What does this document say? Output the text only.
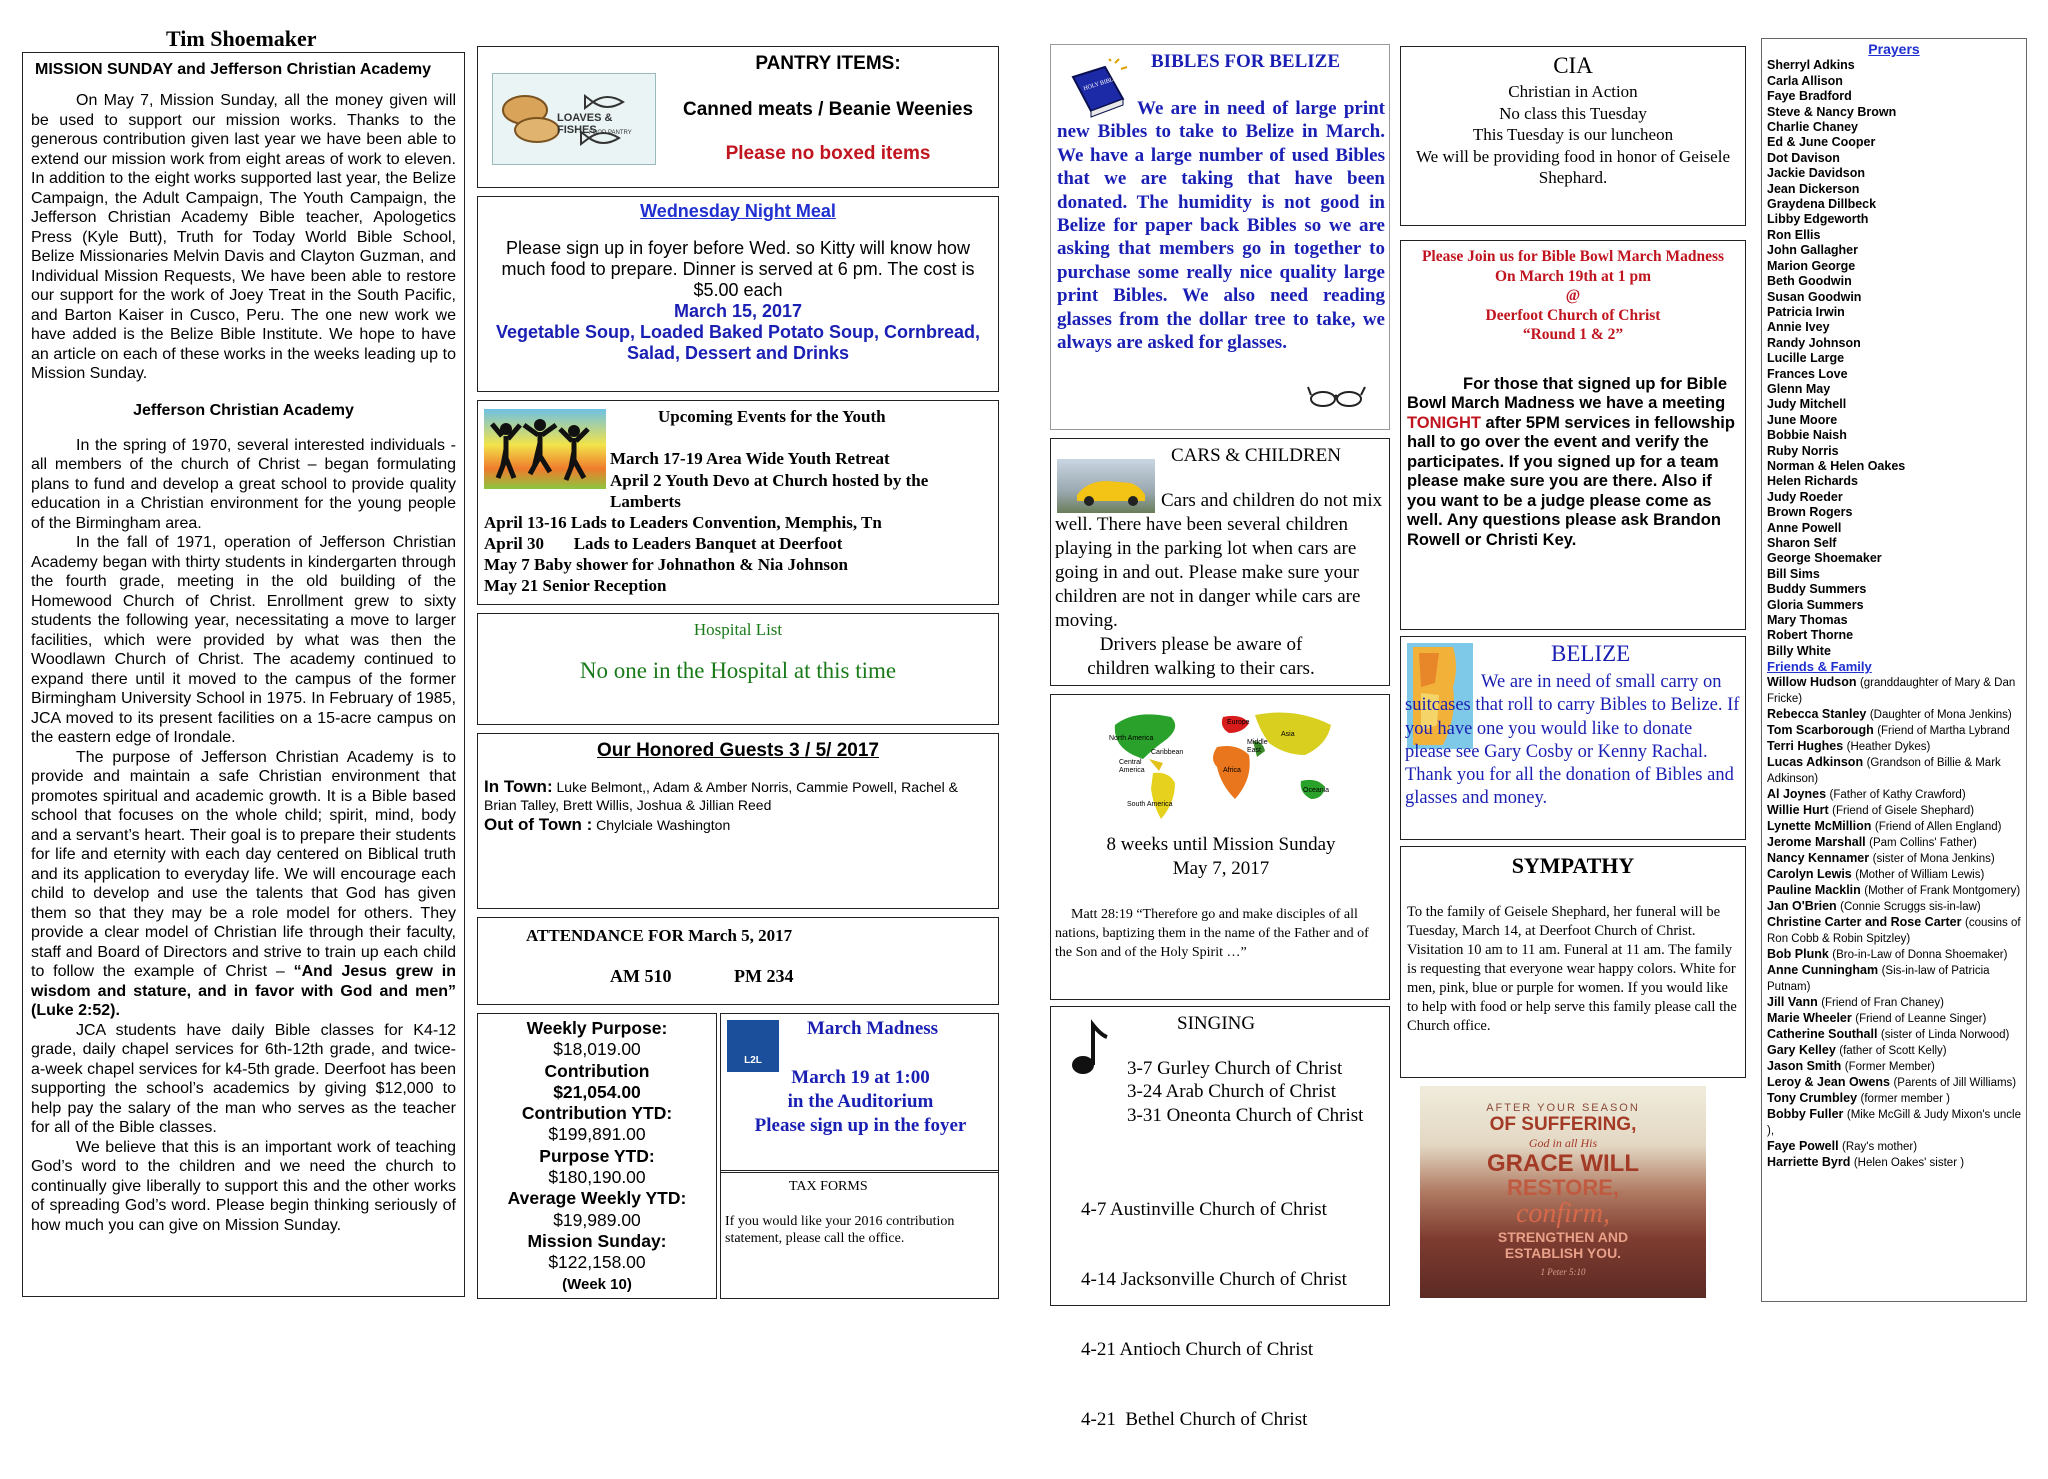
Tim Shoemaker
MISSION SUNDAY and Jefferson Christian Academy

On May 7, Mission Sunday, all the money given will be used to support our mission works. Thanks to the generous contribution given last year we have been able to extend our mission work from eight areas of work to eleven. In addition to the eight works supported last year, the Belize Campaign, the Adult Campaign, The Youth Campaign, the Jefferson Christian Academy Bible teacher, Apologetics Press (Kyle Butt), Truth for Today World Bible School, Belize Missionaries Melvin Davis and Clayton Guzman, and Individual Mission Requests, We have been able to restore our support for the work of Joey Treat in the South Pacific, and Barton Kaiser in Cusco, Peru. The one new work we have added is the Belize Bible Institute. We hope to have an article on each of these works in the weeks leading up to Mission Sunday.

Jefferson Christian Academy

In the spring of 1970, several interested individuals - all members of the church of Christ – began formulating plans to fund and develop a great school to provide quality education in a Christian environment for the young people of the Birmingham area.

In the fall of 1971, operation of Jefferson Christian Academy began with thirty students in kindergarten through the fourth grade, meeting in the old building of the Homewood Church of Christ. Enrollment grew to sixty students the following year, necessitating a move to larger facilities, which were provided by what was then the Woodlawn Church of Christ. The academy continued to expand there until it moved to the campus of the former Birmingham University School in 1975. In February of 1985, JCA moved to its present facilities on a 15-acre campus on the eastern edge of Irondale.

The purpose of Jefferson Christian Academy is to provide and maintain a safe Christian environment that promotes spiritual and academic growth. It is a Bible based school that focuses on the whole child; spirit, mind, body and a servant’s heart. Their goal is to prepare their students for life and eternity with each day centered on Biblical truth and its application to everyday life. We will encourage each child to develop and use the talents that God has given them so that they may be a role model for others. They provide a clear model of Christian life through their faculty, staff and Board of Directors and strive to train up each child to follow the example of Christ – “And Jesus grew in wisdom and stature, and in favor with God and men” (Luke 2:52).

JCA students have daily Bible classes for K4-12 grade, daily chapel services for 6th-12th grade, and twice-a-week chapel services for k4-5th grade. Deerfoot has been supporting the school’s academics by giving $12,000 to help pay the salary of the man who serves as the teacher for all of the Bible classes.

We believe that this is an important work of teaching God’s word to the children and we need the church to continually give liberally to support this and the other works of spreading God’s word. Please begin thinking seriously of how much you can give on Mission Sunday.

LOAVES & FISHES
FOOD PANTRY
PANTRY ITEMS:
Canned meats / Beanie Weenies
Please no boxed items
Wednesday Night Meal
Please sign up in foyer before Wed. so Kitty will know how much food to prepare. Dinner is served at 6 pm. The cost is $5.00 each
March 15, 2017
Vegetable Soup, Loaded Baked Potato Soup, Cornbread, Salad, Dessert and Drinks
Upcoming Events for the Youth
March 17-19 Area Wide Youth Retreat
April 2 Youth Devo at Church hosted by the Lamberts
April 13-16 Lads to Leaders Convention, Memphis, Tn
April 30       Lads to Leaders Banquet at Deerfoot
May 7 Baby shower for Johnathon & Nia Johnson
May 21 Senior Reception
Hospital List
No one in the Hospital at this time
Our Honored Guests 3 / 5/ 2017
In Town: Luke Belmont,, Adam & Amber Norris, Cammie Powell, Rachel & Brian Talley, Brett Willis, Joshua & Jillian Reed
Out of Town : Chylciale Washington
ATTENDANCE FOR March 5, 2017
AM 510	PM 234
Weekly Purpose:
$18,019.00
Contribution
$21,054.00
Contribution YTD:
$199,891.00
Purpose YTD:
$180,190.00
Average Weekly YTD:
$19,989.00
Mission Sunday:
$122,158.00
(Week 10)
L2L
March Madness
March 19 at 1:00
in the Auditorium
Please sign up in the foyer
TAX FORMS
If you would like your 2016 contribution statement, please call the office.
HOLY BIBLE
BIBLES FOR BELIZE
We are in need of large print new Bibles to take to Belize in March. We have a large number of used Bibles that we are taking that have been donated. The humidity is not good in Belize for paper back Bibles so we are asking that members go in together to purchase some really nice quality large print Bibles. We also need reading glasses from the dollar tree to take, we always are asked for glasses.
CARS & CHILDREN
Cars and children do not mix well. There have been several children playing in the parking lot when cars are going in and out. Please make sure your children are not in danger while cars are moving.
Drivers please be aware of children walking to their cars.
North America
Caribbean
Central America
South America
Europe
Middle East
Africa
Asia
Oceania
8 weeks until Mission Sunday
May 7, 2017
Matt 28:19 “Therefore go and make disciples of all nations, baptizing them in the name of the Father and of the Son and of the Holy Spirit …”
SINGING
3-7 Gurley Church of Christ
3-24 Arab Church of Christ
3-31 Oneonta Church of Christ

4-7 Austinville Church of Christ

4-14 Jacksonville Church of Christ

4-21 Antioch Church of Christ

4-21  Bethel Church of Christ

CIA
Christian in Action
No class this Tuesday
This Tuesday is our luncheon
We will be providing food in honor of Geisele Shephard.
Please Join us for Bible Bowl March Madness
On March 19th at 1 pm
@
Deerfoot Church of Christ
“Round 1 & 2”
For those that signed up for Bible Bowl March Madness we have a meeting TONIGHT after 5PM services in fellowship hall to go over the event and verify the participates. If you signed up for a team please make sure you are there. Also if you want to be a judge please come as well. Any questions please ask Brandon Rowell or Christi Key.
BELIZE
We are in need of small carry on suitcases that roll to carry Bibles to Belize. If you have one you would like to donate please see Gary Cosby or Kenny Rachal. Thank you for all the donation of Bibles and glasses and money.
SYMPATHY
To the family of Geisele Shephard, her funeral will be Tuesday, March 14, at Deerfoot Church of Christ. Visitation 10 am to 11 am. Funeral at 11 am. The family is requesting that everyone wear happy colors. White for men, pink, blue or purple for women. If you would like to help with food or help serve this family please call the Church office.
AFTER YOUR SEASON
OF SUFFERING,
God in all His
GRACE WILL
RESTORE,
confirm,
STRENGTHEN AND
ESTABLISH YOU.
1 Peter 5:10
Prayers
Sherryl Adkins
Carla Allison
Faye Bradford
Steve & Nancy Brown
Charlie Chaney
Ed & June Cooper
Dot Davison
Jackie Davidson
Jean Dickerson
Graydena Dillbeck
Libby Edgeworth
Ron Ellis
John Gallagher
Marion George
Beth Goodwin
Susan Goodwin
Patricia Irwin
Annie Ivey
Randy Johnson
Lucille Large
Frances Love
Glenn May
Judy Mitchell
June Moore
Bobbie Naish
Ruby Norris
Norman & Helen Oakes
Helen Richards
Judy Roeder
Brown Rogers
Anne Powell
Sharon Self
George Shoemaker
Bill Sims
Buddy Summers
Gloria Summers
Mary Thomas
Robert Thorne
Billy White
Friends & Family
Willow Hudson (granddaughter of Mary & Dan Fricke)
Rebecca Stanley (Daughter of Mona Jenkins)
Tom Scarborough (Friend of Martha Lybrand
Terri Hughes (Heather Dykes)
Lucas Adkinson (Grandson of Billie & Mark Adkinson)
Al Joynes (Father of Kathy Crawford)
Willie Hurt (Friend of Gisele Shephard)
Lynette McMillion (Friend of Allen England)
Jerome Marshall (Pam Collins' Father)
Nancy Kennamer (sister of Mona Jenkins)
Carolyn Lewis (Mother of William Lewis)
Pauline Macklin (Mother of Frank Montgomery)
Jan O'Brien (Connie Scruggs sis-in-law)
Christine Carter and Rose Carter (cousins of Ron Cobb & Robin Spitzley)
Bob Plunk (Bro-in-Law of Donna Shoemaker)
Anne Cunningham (Sis-in-law of Patricia Putnam)
Jill Vann (Friend of Fran Chaney)
Marie Wheeler (Friend of Leanne Singer)
Catherine Southall (sister of Linda Norwood)
Gary Kelley (father of Scott Kelly)
Jason Smith (Former Member)
Leroy & Jean Owens (Parents of Jill Williams)
Tony Crumbley (former member )
Bobby Fuller (Mike McGill & Judy Mixon's uncle ),
Faye Powell (Ray's mother)
Harriette Byrd (Helen Oakes' sister )
